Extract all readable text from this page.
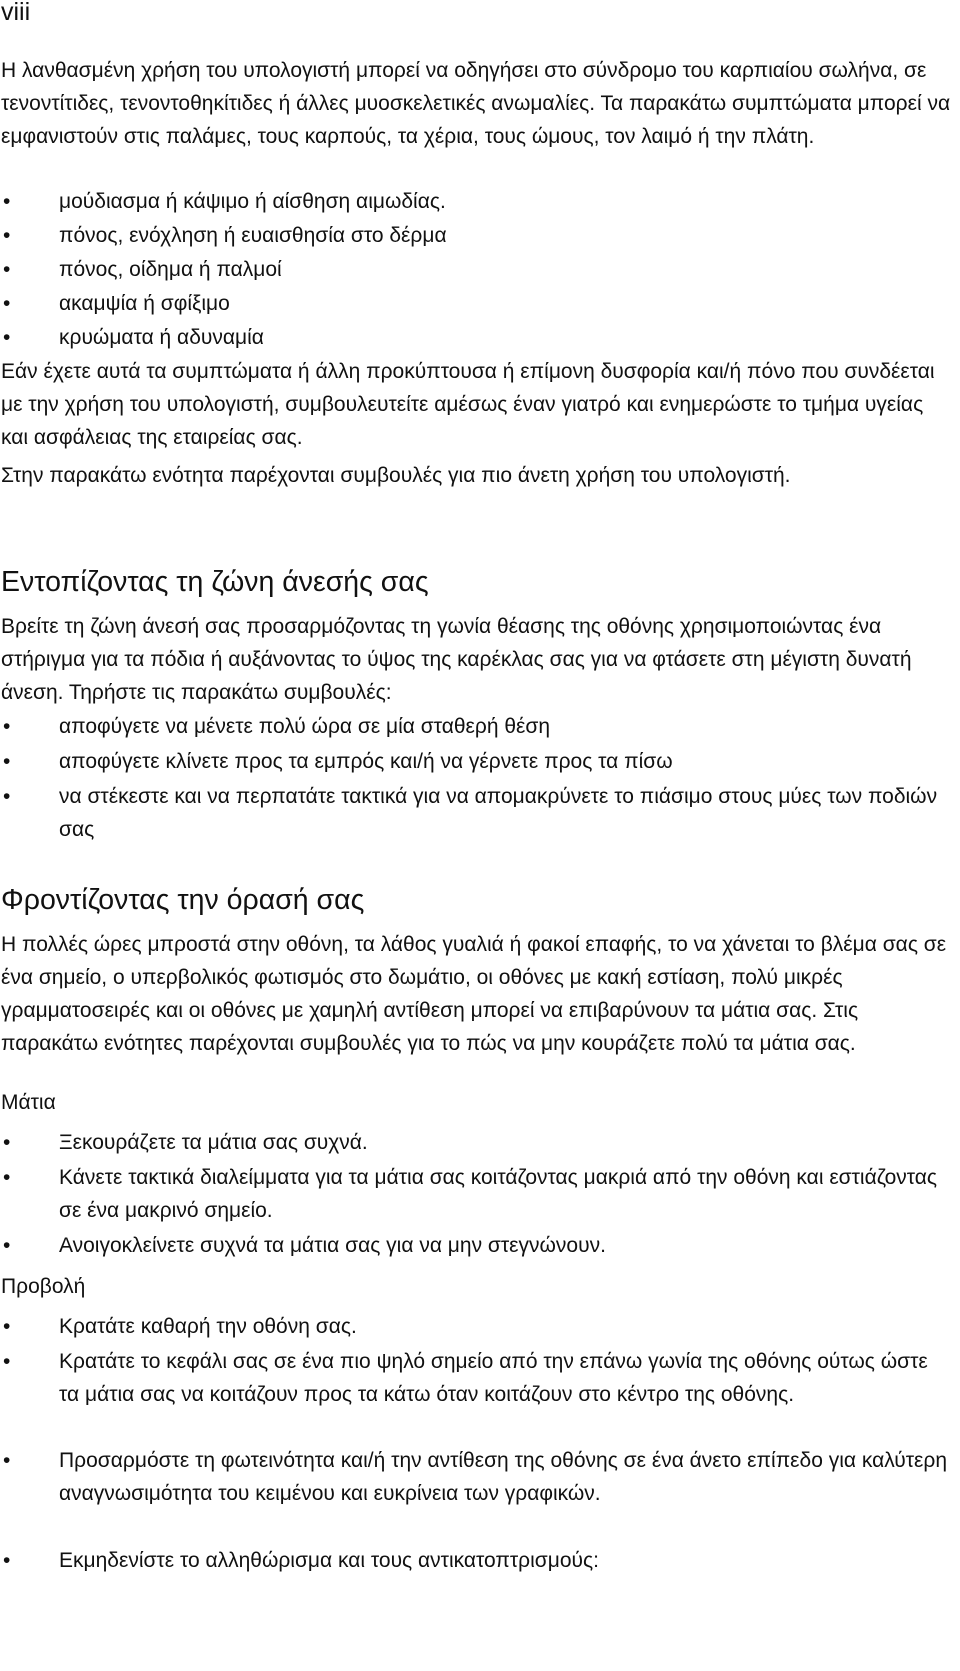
viii

Η λανθασμένη χρήση του υπολογιστή μπορεί να οδηγήσει στο σύνδρομο του καρπιαίου σωλήνα, σε τενοντίτιδες, τενοντοθηκίτιδες ή άλλες μυοσκελετικές ανωμαλίες. Τα παρακάτω συμπτώματα μπορεί να εμφανιστούν στις παλάμες, τους καρπούς, τα χέρια, τους ώμους, τον λαιμό ή την πλάτη.

•	μούδιασμα ή κάψιμο ή αίσθηση αιμωδίας.
•	πόνος, ενόχληση ή ευαισθησία στο δέρμα
•	πόνος, οίδημα ή παλμοί
•	ακαμψία ή σφίξιμο
•	κρυώματα ή αδυναμία

Εάν έχετε αυτά τα συμπτώματα ή άλλη προκύπτουσα ή επίμονη δυσφορία και/ή πόνο που συνδέεται με την χρήση του υπολογιστή, συμβουλευτείτε αμέσως έναν γιατρό και ενημερώστε το τμήμα υγείας και ασφάλειας της εταιρείας σας.

Στην παρακάτω ενότητα παρέχονται συμβουλές για πιο άνετη χρήση του υπολογιστή.

Εντοπίζοντας τη ζώνη άνεσής σας

Βρείτε τη ζώνη άνεσή σας προσαρμόζοντας τη γωνία θέασης της οθόνης χρησιμοποιώντας ένα στήριγμα για τα πόδια ή αυξάνοντας το ύψος της καρέκλας σας για να φτάσετε στη μέγιστη δυνατή άνεση. Τηρήστε τις παρακάτω συμβουλές:

•	αποφύγετε να μένετε πολύ ώρα σε μία σταθερή θέση
•	αποφύγετε κλίνετε προς τα εμπρός και/ή να γέρνετε προς τα πίσω
•	να στέκεστε και να περπατάτε τακτικά για να απομακρύνετε το πιάσιμο στους μύες των ποδιών σας
Φροντίζοντας την όρασή σας

Η πολλές ώρες μπροστά στην οθόνη, τα λάθος γυαλιά ή φακοί επαφής, το να χάνεται το βλέμα σας σε ένα σημείο, ο υπερβολικός φωτισμός στο δωμάτιο, οι οθόνες με κακή εστίαση, πολύ μικρές γραμματοσειρές και οι οθόνες με χαμηλή αντίθεση μπορεί να επιβαρύνουν τα μάτια σας. Στις παρακάτω ενότητες παρέχονται συμβουλές για το πώς να μην κουράζετε πολύ τα μάτια σας.

Μάτια
•	Ξεκουράζετε τα μάτια σας συχνά.
•	Κάνετε τακτικά διαλείμματα για τα μάτια σας κοιτάζοντας μακριά από την οθόνη και εστιάζοντας σε ένα μακρινό σημείο.
•	Ανοιγοκλείνετε συχνά τα μάτια σας για να μην στεγνώνουν.
Προβολή
•	Κρατάτε καθαρή την οθόνη σας.
•	Κρατάτε το κεφάλι σας σε ένα πιο ψηλό σημείο από την επάνω γωνία της οθόνης ούτως ώστε τα μάτια σας να κοιτάζουν προς τα κάτω όταν κοιτάζουν στο κέντρο της οθόνης.
•	Προσαρμόστε τη φωτεινότητα και/ή την αντίθεση της οθόνης σε ένα άνετο επίπεδο για καλύτερη αναγνωσιμότητα του κειμένου και ευκρίνεια των γραφικών.
•	Εκμηδενίστε το αλληθώρισμα και τους αντικατοπτρισμούς:
